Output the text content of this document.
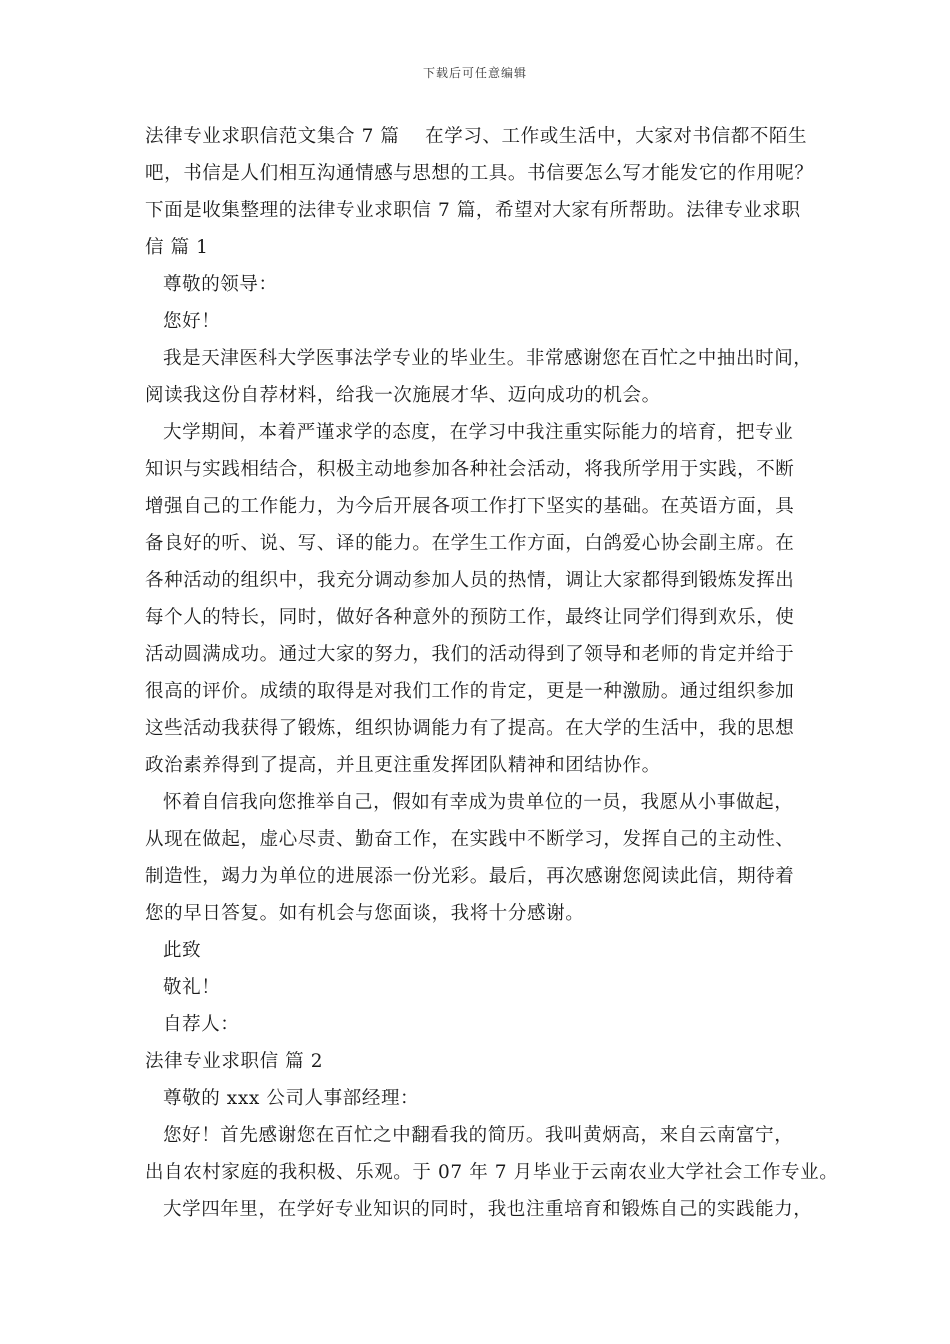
下载后可任意编辑
法律专业求职信范文集合 7 篇　 在学习、工作或生活中，大家对书信都不陌生
吧，书信是人们相互沟通情感与思想的工具。书信要怎么写才能发它的作用呢？
下面是收集整理的法律专业求职信 7 篇，希望对大家有所帮助。法律专业求职
信 篇 1
尊敬的领导：
您好！
我是天津医科大学医事法学专业的毕业生。非常感谢您在百忙之中抽出时间，
阅读我这份自荐材料，给我一次施展才华、迈向成功的机会。
大学期间，本着严谨求学的态度，在学习中我注重实际能力的培育，把专业
知识与实践相结合，积极主动地参加各种社会活动，将我所学用于实践，不断
增强自己的工作能力，为今后开展各项工作打下坚实的基础。在英语方面，具
备良好的听、说、写、译的能力。在学生工作方面，白鸽爱心协会副主席。在
各种活动的组织中，我充分调动参加人员的热情，调让大家都得到锻炼发挥出
每个人的特长，同时，做好各种意外的预防工作，最终让同学们得到欢乐，使
活动圆满成功。通过大家的努力，我们的活动得到了领导和老师的肯定并给于
很高的评价。成绩的取得是对我们工作的肯定，更是一种激励。通过组织参加
这些活动我获得了锻炼，组织协调能力有了提高。在大学的生活中，我的思想
政治素养得到了提高，并且更注重发挥团队精神和团结协作。
怀着自信我向您推举自己，假如有幸成为贵单位的一员，我愿从小事做起，
从现在做起，虚心尽责、勤奋工作，在实践中不断学习，发挥自己的主动性、
制造性，竭力为单位的进展添一份光彩。最后，再次感谢您阅读此信，期待着
您的早日答复。如有机会与您面谈，我将十分感谢。
此致
敬礼！
自荐人：
法律专业求职信 篇 2
尊敬的 xxx 公司人事部经理：
您好！首先感谢您在百忙之中翻看我的简历。我叫黄炳高，来自云南富宁，
出自农村家庭的我积极、乐观。于 07 年 7 月毕业于云南农业大学社会工作专业。
大学四年里，在学好专业知识的同时，我也注重培育和锻炼自己的实践能力，
